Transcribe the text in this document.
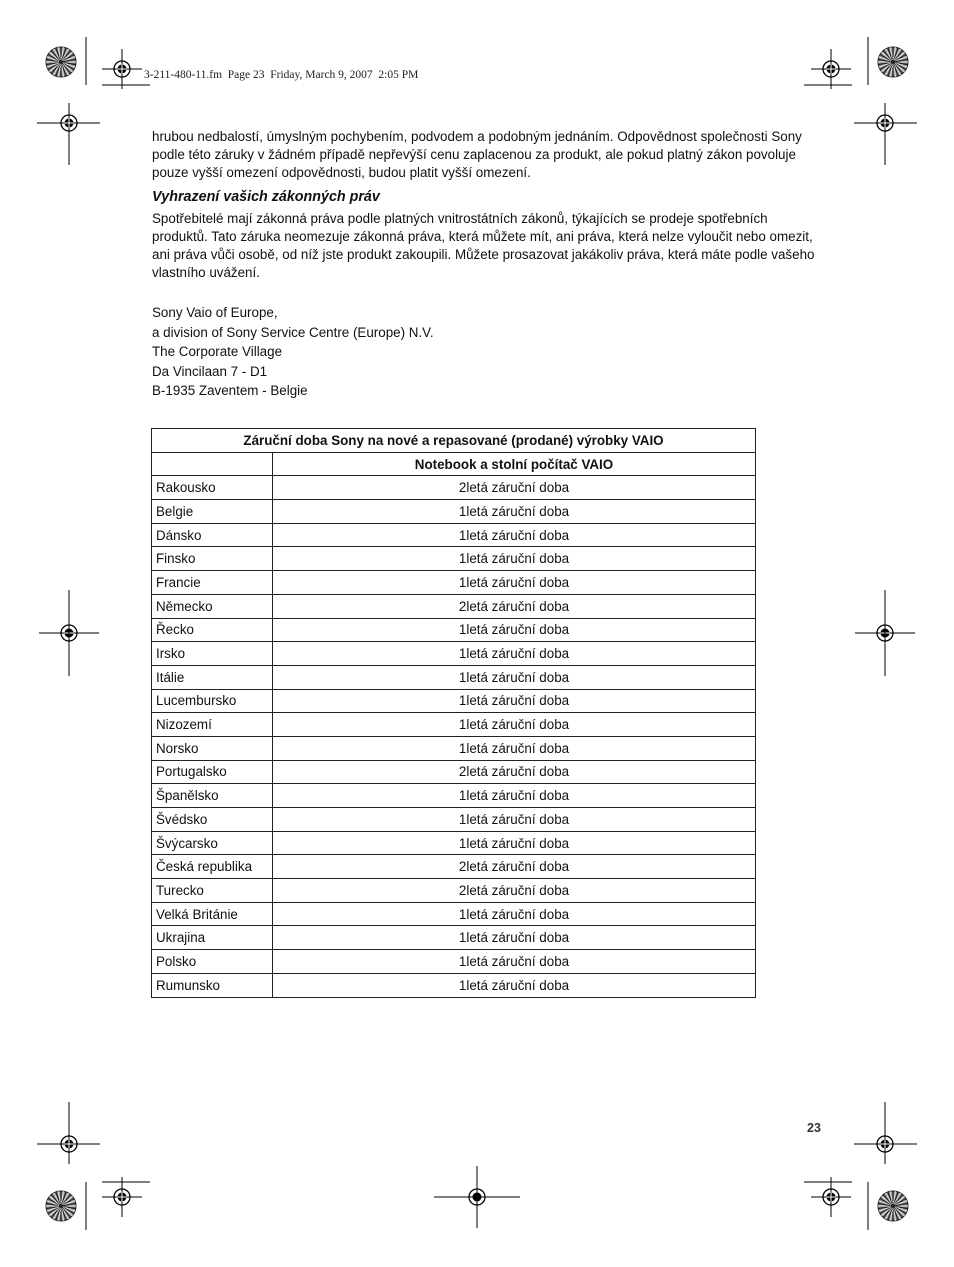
3-211-480-11.fm  Page 23  Friday, March 9, 2007  2:05 PM

hrubou nedbalostí, úmyslným pochybením, podvodem a podobným jednáním. Odpovědnost společnosti Sony podle této záruky v žádném případě nepřevýší cenu zaplacenou za produkt, ale pokud platný zákon povoluje pouze vyšší omezení odpovědnosti, budou platit vyšší omezení.

Vyhrazení vašich zákonných práv

Spotřebitelé mají zákonná práva podle platných vnitrostátních zákonů, týkajících se prodeje spotřebních produktů. Tato záruka neomezuje zákonná práva, která můžete mít, ani práva, která nelze vyloučit nebo omezit, ani práva vůči osobě, od níž jste produkt zakoupili. Můžete prosazovat jakákoliv práva, která máte podle vašeho vlastního uvážení.

Sony Vaio of Europe,
a division of Sony Service Centre (Europe) N.V.
The Corporate Village
Da Vincilaan 7 - D1
B-1935 Zaventem - Belgie
Záruční doba Sony na nové a repasované (prodané) výrobky VAIO	
	Notebook a stolní počítač VAIO
Rakousko	2letá záruční doba
Belgie	1letá záruční doba
Dánsko	1letá záruční doba
Finsko	1letá záruční doba
Francie	1letá záruční doba
Německo	2letá záruční doba
Řecko	1letá záruční doba
Irsko	1letá záruční doba
Itálie	1letá záruční doba
Lucembursko	1letá záruční doba
Nizozemí	1letá záruční doba
Norsko	1letá záruční doba
Portugalsko	2letá záruční doba
Španělsko	1letá záruční doba
Švédsko	1letá záruční doba
Švýcarsko	1letá záruční doba
Česká republika	2letá záruční doba
Turecko	2letá záruční doba
Velká Británie	1letá záruční doba
Ukrajina	1letá záruční doba
Polsko	1letá záruční doba
Rumunsko	1letá záruční doba
23
